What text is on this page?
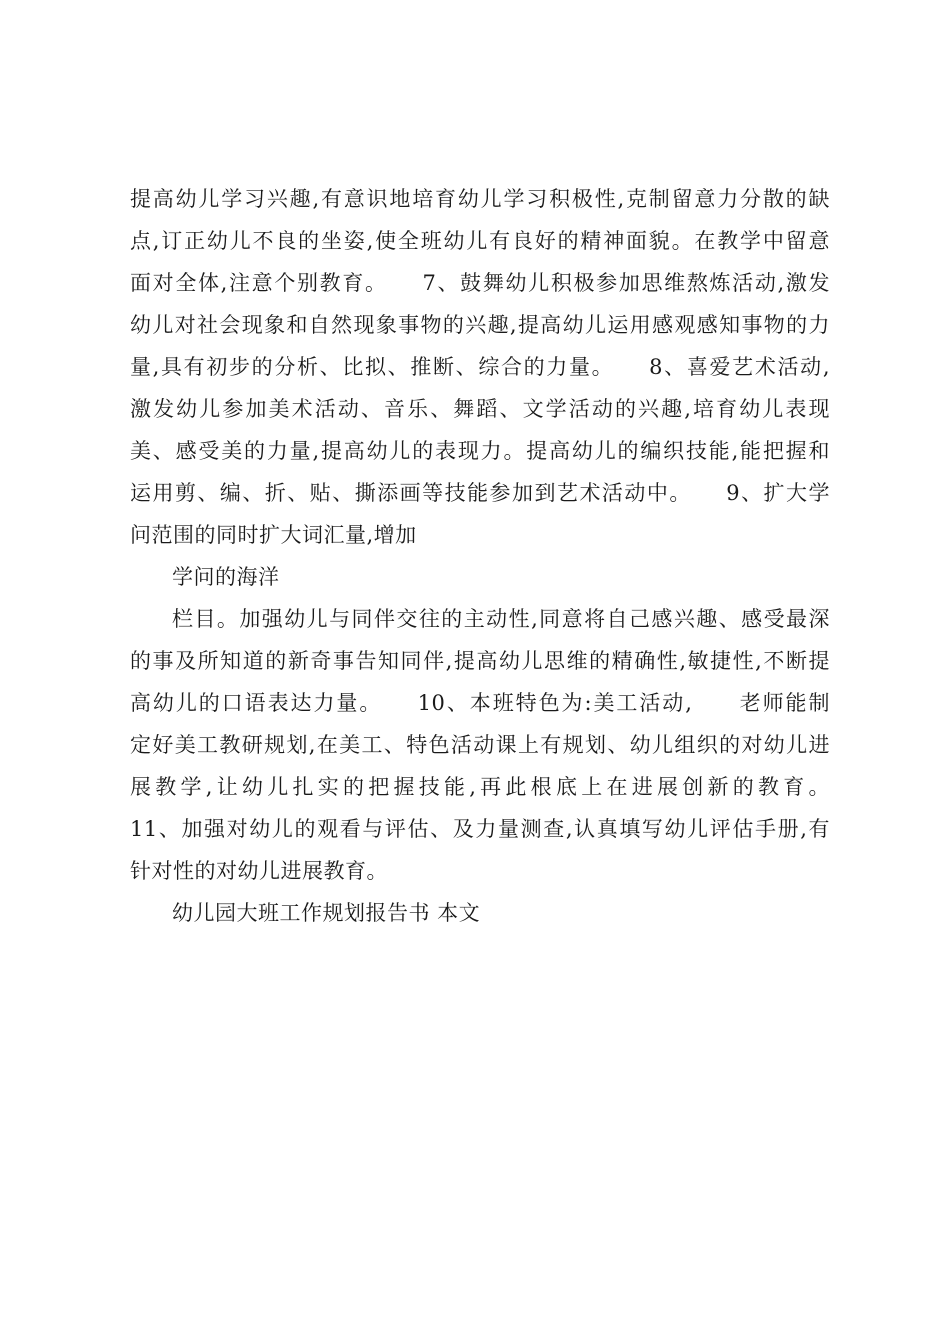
提高幼儿学习兴趣,有意识地培育幼儿学习积极性,克制留意力分散的缺
点,订正幼儿不良的坐姿,使全班幼儿有良好的精神面貌。在教学中留意
面对全体,注意个别教育。　　7、鼓舞幼儿积极参加思维熬炼活动,激发
幼儿对社会现象和自然现象事物的兴趣,提高幼儿运用感观感知事物的力
量,具有初步的分析、比拟、推断、综合的力量。　　8、喜爱艺术活动,
激发幼儿参加美术活动、音乐、舞蹈、文学活动的兴趣,培育幼儿表现
美、感受美的力量,提高幼儿的表现力。提高幼儿的编织技能,能把握和
运用剪、编、折、贴、撕添画等技能参加到艺术活动中。　　9、扩大学
问范围的同时扩大词汇量,增加
学问的海洋
栏目。加强幼儿与同伴交往的主动性,同意将自己感兴趣、感受最深
的事及所知道的新奇事告知同伴,提高幼儿思维的精确性,敏捷性,不断提
高幼儿的口语表达力量。　　10、本班特色为:美工活动,　　老师能制
定好美工教研规划,在美工、特色活动课上有规划、幼儿组织的对幼儿进
展教学,让幼儿扎实的把握技能,再此根底上在进展创新的教育。
11、加强对幼儿的观看与评估、及力量测查,认真填写幼儿评估手册,有
针对性的对幼儿进展教育。
幼儿园大班工作规划报告书 本文
